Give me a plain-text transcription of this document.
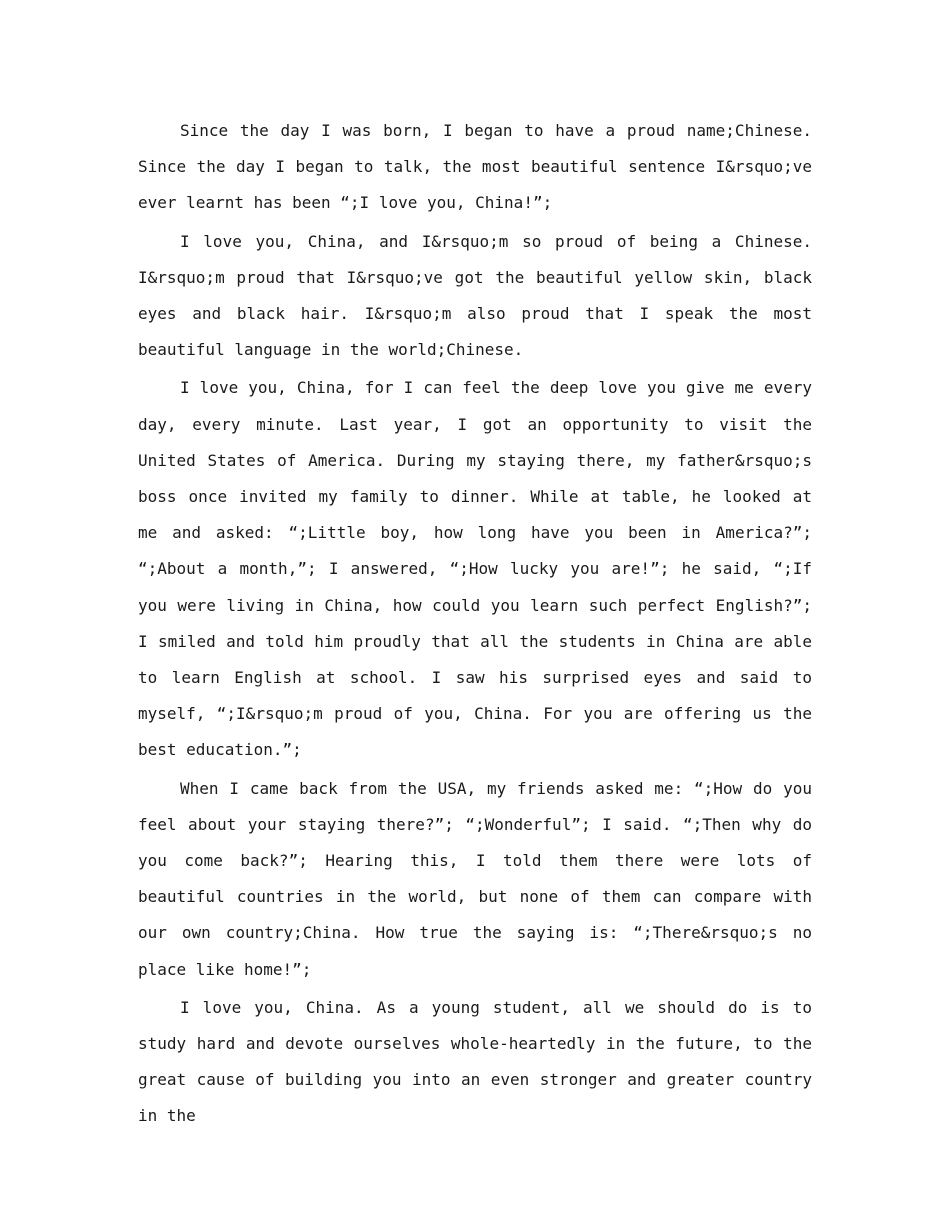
Since the day I was born, I began to have a proud name;Chinese. Since the day I began to talk, the most beautiful sentence I&rsquo;ve ever learnt has been “;I love you, China!”;

I love you, China, and I&rsquo;m so proud of being a Chinese. I&rsquo;m proud that I&rsquo;ve got the beautiful yellow skin, black eyes and black hair. I&rsquo;m also proud that I speak the most beautiful language in the world;Chinese.

I love you, China, for I can feel the deep love you give me every day, every minute. Last year, I got an opportunity to visit the United States of America. During my staying there, my father&rsquo;s boss once invited my family to dinner. While at table, he looked at me and asked: “;Little boy, how long have you been in America?”; “;About a month,”; I answered, “;How lucky you are!”; he said, “;If you were living in China, how could you learn such perfect English?”; I smiled and told him proudly that all the students in China are able to learn English at school. I saw his surprised eyes and said to myself, “;I&rsquo;m proud of you, China. For you are offering us the best education.”;

When I came back from the USA, my friends asked me: “;How do you feel about your staying there?”; “;Wonderful”; I said. “;Then why do you come back?”; Hearing this, I told them there were lots of beautiful countries in the world, but none of them can compare with our own country;China. How true the saying is: “;There&rsquo;s no place like home!”;

I love you, China. As a young student, all we should do is to study hard and devote ourselves whole-heartedly in the future, to the great cause of building you into an even stronger and greater country in the
